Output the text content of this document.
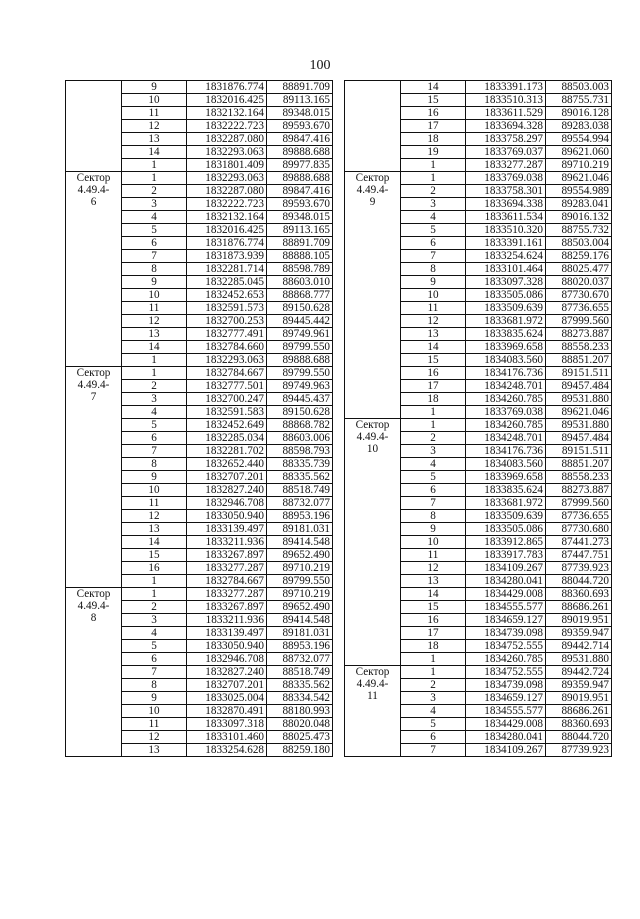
100
	9	1831876.774	88891.709
	10	1832016.425	89113.165
	11	1832132.164	89348.015
	12	1832222.723	89593.670
	13	1832287.080	89847.416
	14	1832293.063	89888.688
	1	1831801.409	89977.835
Сектор
4.49.4-
6	1	1832293.063	89888.688
	2	1832287.080	89847.416
	3	1832222.723	89593.670
	4	1832132.164	89348.015
	5	1832016.425	89113.165
	6	1831876.774	88891.709
	7	1831873.939	88888.105
	8	1832281.714	88598.789
	9	1832285.045	88603.010
	10	1832452.653	88868.777
	11	1832591.573	89150.628
	12	1832700.253	89445.442
	13	1832777.491	89749.961
	14	1832784.660	89799.550
	1	1832293.063	89888.688
Сектор
4.49.4-
7	1	1832784.667	89799.550
	2	1832777.501	89749.963
	3	1832700.247	89445.437
	4	1832591.583	89150.628
	5	1832452.649	88868.782
	6	1832285.034	88603.006
	7	1832281.702	88598.793
	8	1832652.440	88335.739
	9	1832707.201	88335.562
	10	1832827.240	88518.749
	11	1832946.708	88732.077
	12	1833050.940	88953.196
	13	1833139.497	89181.031
	14	1833211.936	89414.548
	15	1833267.897	89652.490
	16	1833277.287	89710.219
	1	1832784.667	89799.550
Сектор
4.49.4-
8	1	1833277.287	89710.219
	2	1833267.897	89652.490
	3	1833211.936	89414.548
	4	1833139.497	89181.031
	5	1833050.940	88953.196
	6	1832946.708	88732.077
	7	1832827.240	88518.749
	8	1832707.201	88335.562
	9	1833025.004	88334.542
	10	1832870.491	88180.993
	11	1833097.318	88020.048
	12	1833101.460	88025.473
	13	1833254.628	88259.180
	14	1833391.173	88503.003
	15	1833510.313	88755.731
	16	1833611.529	89016.128
	17	1833694.328	89283.038
	18	1833758.297	89554.994
	19	1833769.037	89621.060
	1	1833277.287	89710.219
Сектор
4.49.4-
9	1	1833769.038	89621.046
	2	1833758.301	89554.989
	3	1833694.338	89283.041
	4	1833611.534	89016.132
	5	1833510.320	88755.732
	6	1833391.161	88503.004
	7	1833254.624	88259.176
	8	1833101.464	88025.477
	9	1833097.328	88020.037
	10	1833505.086	87730.670
	11	1833509.639	87736.655
	12	1833681.972	87999.560
	13	1833835.624	88273.887
	14	1833969.658	88558.233
	15	1834083.560	88851.207
	16	1834176.736	89151.511
	17	1834248.701	89457.484
	18	1834260.785	89531.880
	1	1833769.038	89621.046
Сектор
4.49.4-
10	1	1834260.785	89531.880
	2	1834248.701	89457.484
	3	1834176.736	89151.511
	4	1834083.560	88851.207
	5	1833969.658	88558.233
	6	1833835.624	88273.887
	7	1833681.972	87999.560
	8	1833509.639	87736.655
	9	1833505.086	87730.680
	10	1833912.865	87441.273
	11	1833917.783	87447.751
	12	1834109.267	87739.923
	13	1834280.041	88044.720
	14	1834429.008	88360.693
	15	1834555.577	88686.261
	16	1834659.127	89019.951
	17	1834739.098	89359.947
	18	1834752.555	89442.714
	1	1834260.785	89531.880
Сектор
4.49.4-
11	1	1834752.555	89442.724
	2	1834739.098	89359.947
	3	1834659.127	89019.951
	4	1834555.577	88686.261
	5	1834429.008	88360.693
	6	1834280.041	88044.720
	7	1834109.267	87739.923
